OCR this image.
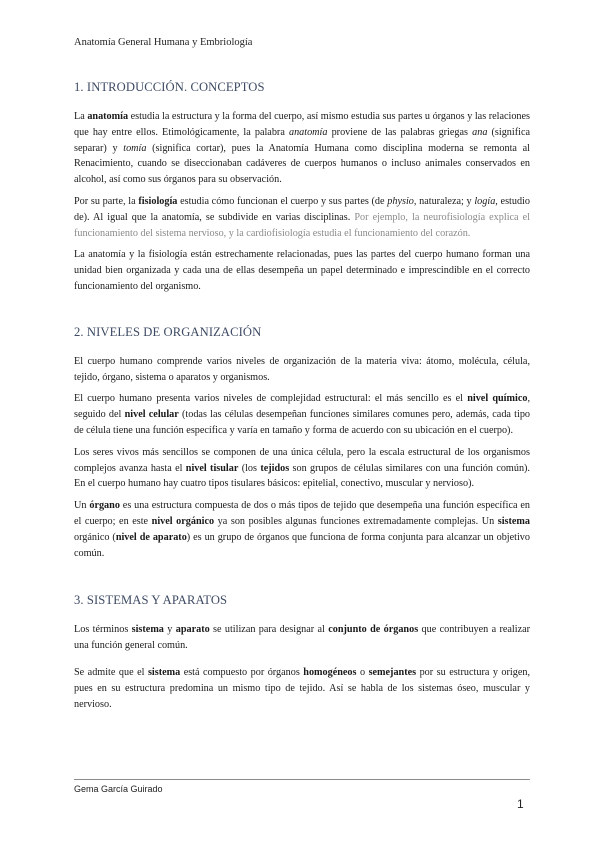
Anatomía General Humana y Embriología
1. INTRODUCCIÓN. CONCEPTOS

La anatomía estudia la estructura y la forma del cuerpo, así mismo estudia sus partes u órganos y las relaciones que hay entre ellos. Etimológicamente, la palabra anatomía proviene de las palabras griegas ana (significa separar) y tomía (significa cortar), pues la Anatomía Humana como disciplina moderna se remonta al Renacimiento, cuando se diseccionaban cadáveres de cuerpos humanos o incluso animales conservados en alcohol, así como sus órganos para su observación.

Por su parte, la fisiología estudia cómo funcionan el cuerpo y sus partes (de physio, naturaleza; y logía, estudio de). Al igual que la anatomía, se subdivide en varias disciplinas. Por ejemplo, la neurofisiología explica el funcionamiento del sistema nervioso, y la cardiofisiología estudia el funcionamiento del corazón.

La anatomía y la fisiología están estrechamente relacionadas, pues las partes del cuerpo humano forman una unidad bien organizada y cada una de ellas desempeña un papel determinado e imprescindible en el correcto funcionamiento del organismo.

2. NIVELES DE ORGANIZACIÓN

El cuerpo humano comprende varios niveles de organización de la materia viva: átomo, molécula, célula, tejido, órgano, sistema o aparatos y organismos.

El cuerpo humano presenta varios niveles de complejidad estructural: el más sencillo es el nivel químico, seguido del nivel celular (todas las células desempeñan funciones similares comunes pero, además, cada tipo de célula tiene una función específica y varía en tamaño y forma de acuerdo con su ubicación en el cuerpo).

Los seres vivos más sencillos se componen de una única célula, pero la escala estructural de los organismos complejos avanza hasta el nivel tisular (los tejidos son grupos de células similares con una función común). En el cuerpo humano hay cuatro tipos tisulares básicos: epitelial, conectivo, muscular y nervioso).

Un órgano es una estructura compuesta de dos o más tipos de tejido que desempeña una función específica en el cuerpo; en este nivel orgánico ya son posibles algunas funciones extremadamente complejas. Un sistema orgánico (nivel de aparato) es un grupo de órganos que funciona de forma conjunta para alcanzar un objetivo común.

3. SISTEMAS Y APARATOS

Los términos sistema y aparato se utilizan para designar al conjunto de órganos que contribuyen a realizar una función general común.

Se admite que el sistema está compuesto por órganos homogéneos o semejantes por su estructura y origen, pues en su estructura predomina un mismo tipo de tejido. Así se habla de los sistemas óseo, muscular y nervioso.

Gema García Guirado
1
